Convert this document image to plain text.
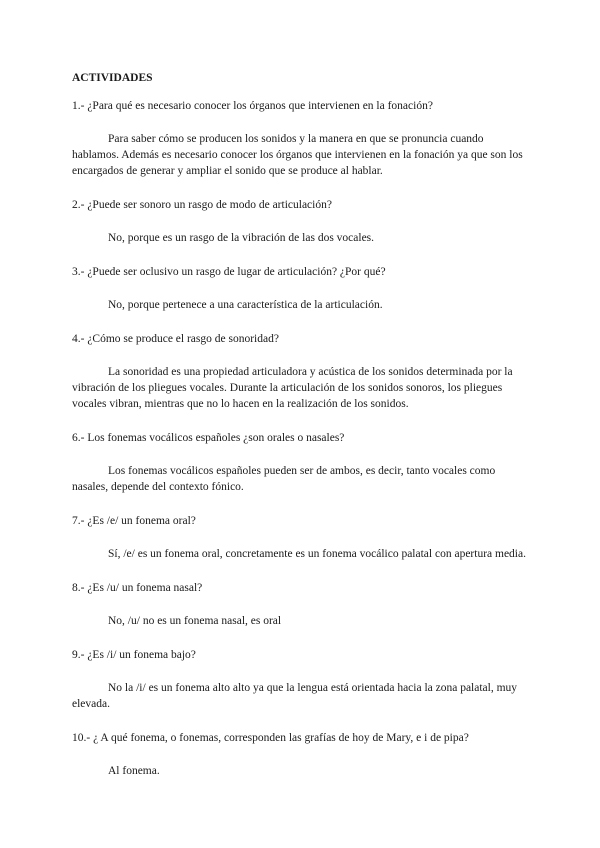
ACTIVIDADES

1.- ¿Para qué es necesario conocer los órganos que intervienen en la fonación?

Para saber cómo se producen los sonidos y la manera en que se pronuncia cuando hablamos. Además es necesario conocer los órganos que intervienen en la fonación ya que son los encargados de generar y ampliar el sonido que se produce al hablar.

2.- ¿Puede ser sonoro un rasgo de modo de articulación?

No, porque es un rasgo de la vibración de las dos vocales.

3.- ¿Puede ser oclusivo un rasgo de lugar de articulación? ¿Por qué?

No, porque pertenece a una característica de la articulación.

4.- ¿Cómo se produce el rasgo de sonoridad?

La sonoridad es una propiedad articuladora y acústica de los sonidos determinada por la vibración de los pliegues vocales. Durante la articulación de los sonidos sonoros, los pliegues vocales vibran, mientras que no lo hacen en la realización de los sonidos.

6.- Los fonemas vocálicos españoles ¿son orales o nasales?

Los fonemas vocálicos españoles pueden ser de ambos, es decir, tanto vocales como nasales, depende del contexto fónico.

7.- ¿Es /e/ un fonema oral?

Sí, /e/ es un fonema oral, concretamente es un fonema vocálico palatal con apertura media.

8.- ¿Es /u/ un fonema nasal?

No, /u/ no es un fonema nasal, es oral

9.- ¿Es /i/ un fonema bajo?

No la /i/ es un fonema alto alto ya que la lengua está orientada hacia la zona palatal, muy elevada.

10.- ¿ A qué fonema, o fonemas, corresponden las grafías de hoy de Mary, e i de pipa?

Al fonema.
